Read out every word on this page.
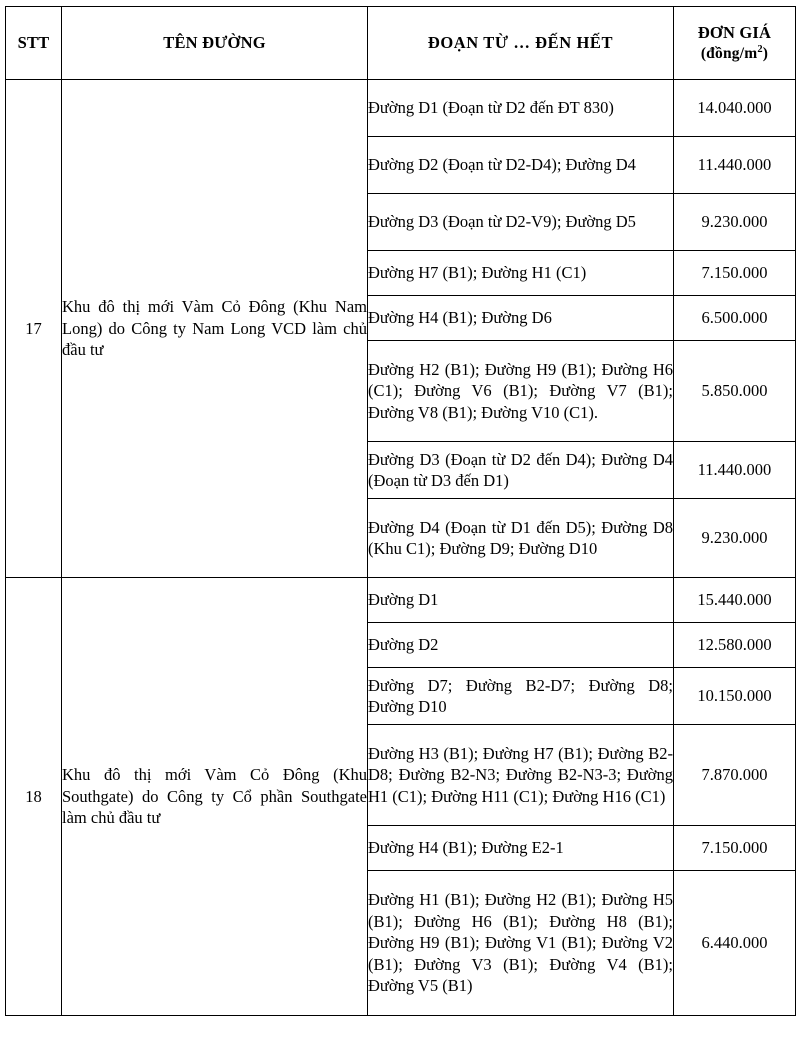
STT	TÊN ĐƯỜNG	ĐOẠN TỪ … ĐẾN HẾT	ĐƠN GIÁ
$(đồng/m^2)$

17	Khu đô thị mới Vàm Cỏ Đông (Khu Nam Long) do Công ty Nam Long VCD làm chủ đầu tư	Đường D1 (Đoạn từ D2 đến ĐT 830)	14.040.000

		Đường D2 (Đoạn từ D2-D4); Đường D4	11.440.000

		Đường D3 (Đoạn từ D2-V9); Đường D5	9.230.000

		Đường H7 (B1); Đường H1 (C1)	7.150.000

		Đường H4 (B1); Đường D6	6.500.000

		Đường H2 (B1); Đường H9 (B1); Đường H6 (C1); Đường V6 (B1); Đường V7 (B1); Đường V8 (B1); Đường V10 (C1).	5.850.000

		Đường D3 (Đoạn từ D2 đến D4); Đường D4 (Đoạn từ D3 đến D1)	11.440.000

		Đường D4 (Đoạn từ D1 đến D5); Đường D8 (Khu C1); Đường D9; Đường D10	9.230.000
18	Khu đô thị mới Vàm Cỏ Đông (Khu Southgate) do Công ty Cổ phần Southgate làm chủ đầu tư	Đường D1	15.440.000

		Đường D2	12.580.000

		Đường D7; Đường B2-D7; Đường D8; Đường D10	10.150.000

		Đường H3 (B1); Đường H7 (B1); Đường B2-D8; Đường B2-N3; Đường B2-N3-3; Đường H1 (C1); Đường H11 (C1); Đường H16 (C1)	7.870.000

		Đường H4 (B1); Đường E2-1	7.150.000

		Đường H1 (B1); Đường H2 (B1); Đường H5 (B1); Đường H6 (B1); Đường H8 (B1); Đường H9 (B1); Đường V1 (B1); Đường V2 (B1); Đường V3 (B1); Đường V4 (B1); Đường V5 (B1)	6.440.000
